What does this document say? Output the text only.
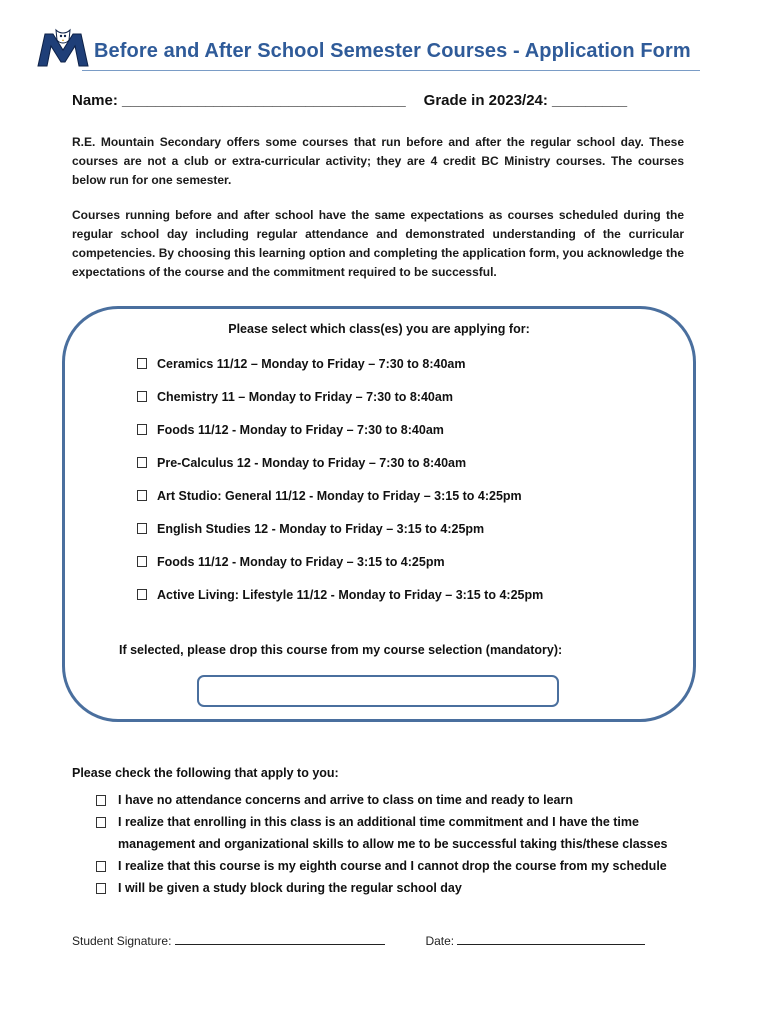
Before and After School Semester Courses - Application Form
Name: __________________________________ Grade in 2023/24: _________
R.E. Mountain Secondary offers some courses that run before and after the regular school day. These courses are not a club or extra-curricular activity; they are 4 credit BC Ministry courses. The courses below run for one semester.
Courses running before and after school have the same expectations as courses scheduled during the regular school day including regular attendance and demonstrated understanding of the curricular competencies. By choosing this learning option and completing the application form, you acknowledge the expectations of the course and the commitment required to be successful.
Please select which class(es) you are applying for:
Ceramics 11/12 – Monday to Friday – 7:30 to 8:40am
Chemistry 11 – Monday to Friday – 7:30 to 8:40am
Foods 11/12 - Monday to Friday – 7:30 to 8:40am
Pre-Calculus 12 - Monday to Friday – 7:30 to 8:40am
Art Studio: General 11/12 - Monday to Friday – 3:15 to 4:25pm
English Studies 12 - Monday to Friday – 3:15 to 4:25pm
Foods 11/12 - Monday to Friday – 3:15 to 4:25pm
Active Living: Lifestyle 11/12 - Monday to Friday – 3:15 to 4:25pm
If selected, please drop this course from my course selection (mandatory):
Please check the following that apply to you:
I have no attendance concerns and arrive to class on time and ready to learn
I realize that enrolling in this class is an additional time commitment and I have the time management and organizational skills to allow me to be successful taking this/these classes
I realize that this course is my eighth course and I cannot drop the course from my schedule
I will be given a study block during the regular school day
Student Signature:	Date:
